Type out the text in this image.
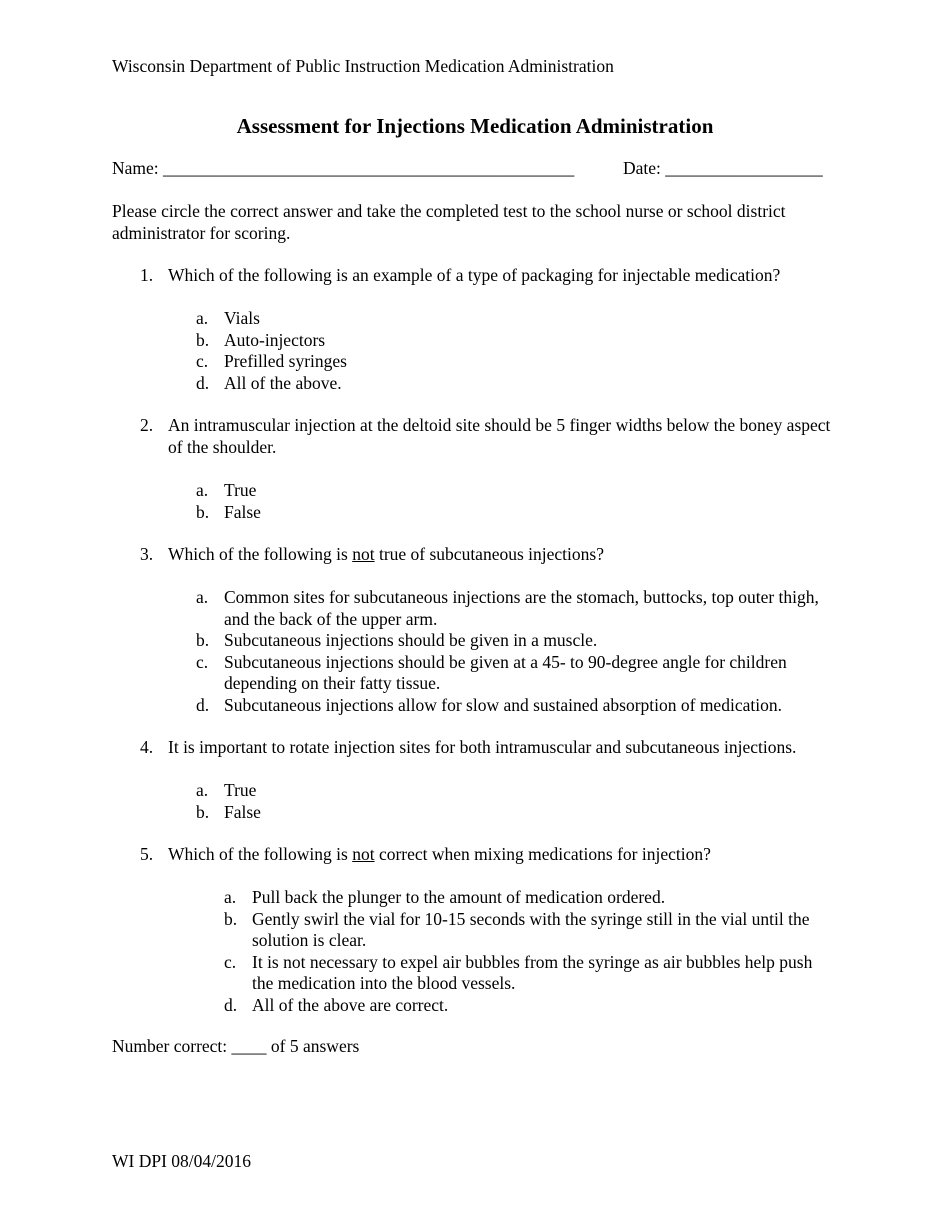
Wisconsin Department of Public Instruction Medication Administration
Assessment for Injections Medication Administration
Name: _______________________________________________	Date: __________________
Please circle the correct answer and take the completed test to the school nurse or school district administrator for scoring.
1. Which of the following is an example of a type of packaging for injectable medication?
a. Vials
b. Auto-injectors
c. Prefilled syringes
d. All of the above.
2. An intramuscular injection at the deltoid site should be 5 finger widths below the boney aspect of the shoulder.
a. True
b. False
3. Which of the following is not true of subcutaneous injections?
a. Common sites for subcutaneous injections are the stomach, buttocks, top outer thigh, and the back of the upper arm.
b. Subcutaneous injections should be given in a muscle.
c. Subcutaneous injections should be given at a 45- to 90-degree angle for children depending on their fatty tissue.
d. Subcutaneous injections allow for slow and sustained absorption of medication.
4. It is important to rotate injection sites for both intramuscular and subcutaneous injections.
a. True
b. False
5. Which of the following is not correct when mixing medications for injection?
a. Pull back the plunger to the amount of medication ordered.
b. Gently swirl the vial for 10-15 seconds with the syringe still in the vial until the solution is clear.
c. It is not necessary to expel air bubbles from the syringe as air bubbles help push the medication into the blood vessels.
d. All of the above are correct.
Number correct: ____ of 5 answers
WI DPI 08/04/2016
